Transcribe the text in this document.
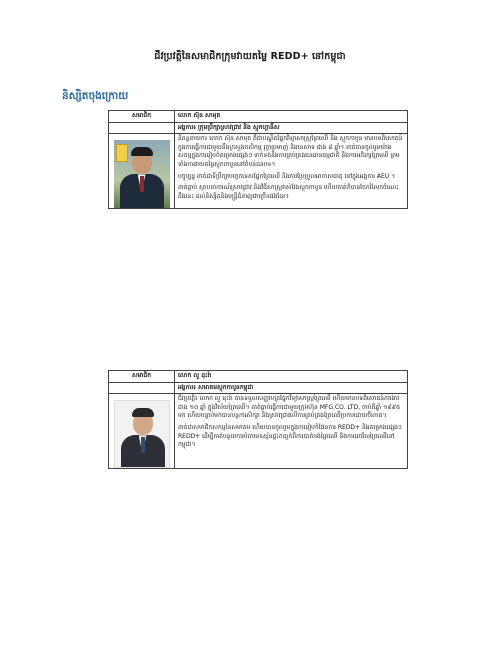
ជីវប្រវត្តិនៃសមាជិកក្រុមវាយតម្លៃ REDD+ នៅកម្ពុជា
និស្សិតចុងក្រោយ
សមាជិក	លោក ស៊ុន សាមុត
អង្គការ៖ ក្រុមប្រឹក្សាស្រាវជ្រាវ និង ស្តុកហ្គានីស

និពន្ធនាយក៖ លោក ស៊ុន សាមុត គឺជាបណ្ឌិតផ្នែកវិទ្យាសាស្ត្រព្រៃឈើ និង ស្តុកកាបូន មានបទពិសោធន៍ក្នុងការធ្វើការជាមួយនឹងក្រសួងកសិកម្ម រុក្ខាប្រមាញ់ និងនេសាទ ជាង ៨ ឆ្នាំ។ គាត់បានចូលរួមយ៉ាងសកម្មក្នុងការរៀបចំគម្រោងផ្សេងៗ ទាក់ទងនឹងការគ្រប់គ្រងធនធានធម្មជាតិ និងការអភិរក្សព្រៃឈើ ព្រមទាំងការវាយតម្លៃស្តុកកាបូននៅតំបន់ជនបទ។

បច្ចុប្បន្ន គាត់ជាទីប្រឹក្សាបច្ចេកទេសផ្នែកព្រៃឈើ និងការប្រែប្រួលអាកាសធាតុ នៅក្នុងអង្គការ AEU ។

គាត់ធ្លាប់ ស្ថាបនាការណ៍ស្រាវជ្រាវ និងវិធីសាស្ត្រវាស់វែងស្តុកកាបូន ហើយគាត់ក៏បានចែករំលែកចំណេះដឹងនេះ ដល់និស្សិតនិងមន្ត្រីជំនាញជាច្រើនផងដែរ។

សមាជិក	លោក លួ ដុះរ៉ា
អង្គការ៖ សមាគមស្តុកកាបូនកម្ពុជា

ជីវប្រវត្តិ៖ លោក លួ ដុះរ៉ា បានទទួលសញ្ញាបត្រផ្នែកវិទ្យាសាស្ត្រព្រៃឈើ ហើយមានបទពិសោធន៍ការងារជាង ១០ ឆ្នាំ ក្នុងវិស័យព្រៃឈើ។ គាត់ធ្លាប់ធ្វើការជាមួយក្រុមហ៊ុន MFG.CO. LTD, ចាប់ពីឆ្នាំ ១៩៩៥ មក ហើយបន្ទាប់មកបានបន្តការសិក្សា និងស្រាវជ្រាវលើការគ្រប់គ្រងព្រៃឈើប្រកបដោយចីរភាព។

គាត់ជាសមាជិកសកម្មនៃសមាគម ហើយបានចូលរួមក្នុងការរៀបចំផែនការ REDD+ និងគម្រោងផ្សេងៗ REDD+ ដើម្បីកាត់បន្ថយការបំភាយឧស្ម័នផ្ទះកញ្ចក់ពីការបាត់បង់ព្រៃឈើ និងការរេចរិលព្រៃឈើនៅកម្ពុជា។
